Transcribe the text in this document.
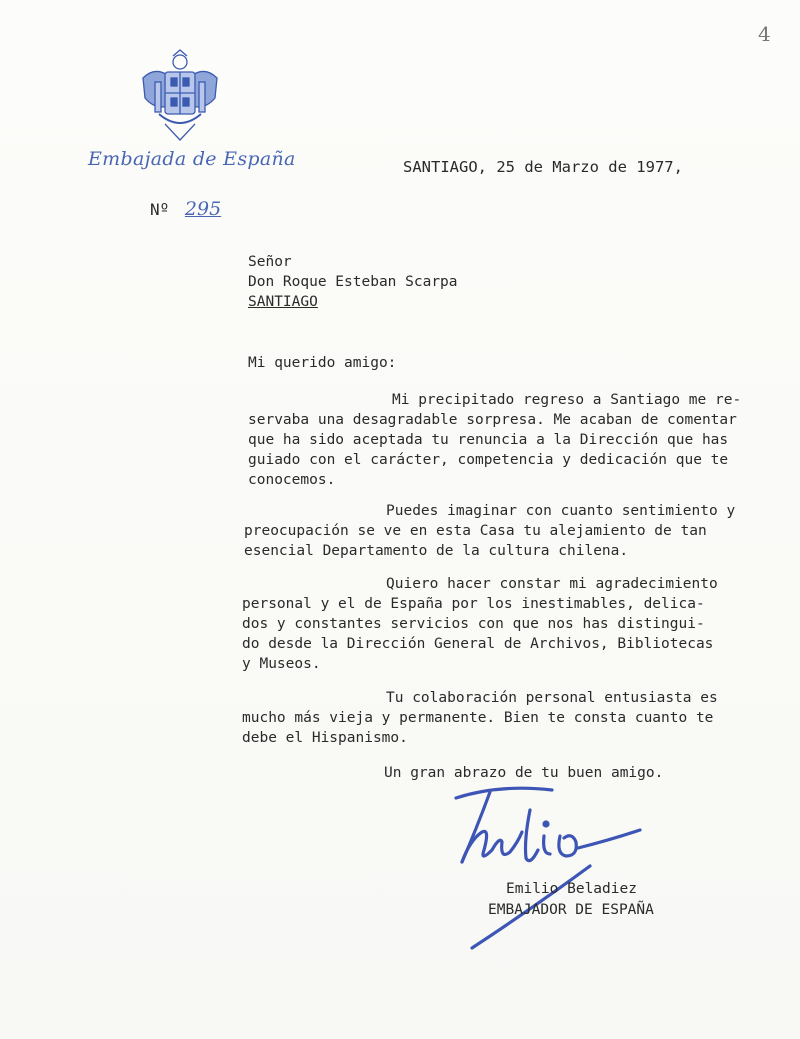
4
Embajada de España
Nº 295
SANTIAGO, 25 de Marzo de 1977,
Señor
Don Roque Esteban Scarpa
SANTIAGO
Mi querido amigo:
Mi precipitado regreso a Santiago me re-
servaba una desagradable sorpresa. Me acaban de comentar
que ha sido aceptada tu renuncia a la Dirección que has
guiado con el carácter, competencia y dedicación que te
conocemos.
Puedes imaginar con cuanto sentimiento y
preocupación se ve en esta Casa tu alejamiento de tan
esencial Departamento de la cultura chilena.
Quiero hacer constar mi agradecimiento
personal y el de España por los inestimables, delica-
dos y constantes servicios con que nos has distingui-
do desde la Dirección General de Archivos, Bibliotecas
y Museos.
Tu colaboración personal entusiasta es
mucho más vieja y permanente. Bien te consta cuanto te
debe el Hispanismo.
Un gran abrazo de tu buen amigo.
Emilio Beladiez
EMBAJADOR DE ESPAÑA
